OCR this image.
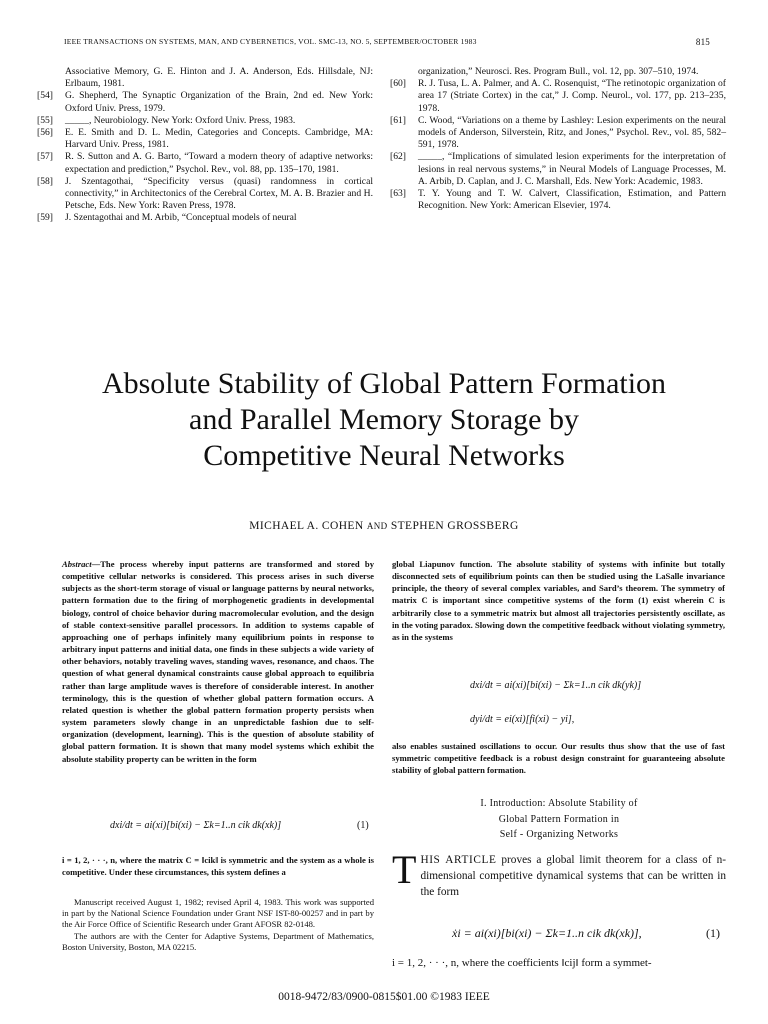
IEEE TRANSACTIONS ON SYSTEMS, MAN, AND CYBERNETICS, VOL. SMC-13, NO. 5, SEPTEMBER/OCTOBER 1983	815
Associative Memory, G. E. Hinton and J. A. Anderson, Eds. Hillsdale, NJ: Erlbaum, 1981.
[54] G. Shepherd, The Synaptic Organization of the Brain, 2nd ed. New York: Oxford Univ. Press, 1979.
[55] _____, Neurobiology. New York: Oxford Univ. Press, 1983.
[56] E. E. Smith and D. L. Medin, Categories and Concepts. Cambridge, MA: Harvard Univ. Press, 1981.
[57] R. S. Sutton and A. G. Barto, “Toward a modern theory of adaptive networks: expectation and prediction,” Psychol. Rev., vol. 88, pp. 135–170, 1981.
[58] J. Szentagothai, “Specificity versus (quasi) randomness in cortical connectivity,” in Architectonics of the Cerebral Cortex, M. A. B. Brazier and H. Petsche, Eds. New York: Raven Press, 1978.
[59] J. Szentagothai and M. Arbib, “Conceptual models of neural
organization,” Neurosci. Res. Program Bull., vol. 12, pp. 307–510, 1974.
[60] R. J. Tusa, L. A. Palmer, and A. C. Rosenquist, “The retinotopic organization of area 17 (Striate Cortex) in the cat,” J. Comp. Neurol., vol. 177, pp. 213–235, 1978.
[61] C. Wood, “Variations on a theme by Lashley: Lesion experiments on the neural models of Anderson, Silverstein, Ritz, and Jones,” Psychol. Rev., vol. 85, 582–591, 1978.
[62] _____, “Implications of simulated lesion experiments for the interpretation of lesions in real nervous systems,” in Neural Models of Language Processes, M. A. Arbib, D. Caplan, and J. C. Marshall, Eds. New York: Academic, 1983.
[63] T. Y. Young and T. W. Calvert, Classification, Estimation, and Pattern Recognition. New York: American Elsevier, 1974.
Absolute Stability of Global Pattern Formation
and Parallel Memory Storage by
Competitive Neural Networks
MICHAEL A. COHEN AND STEPHEN GROSSBERG
Abstract—The process whereby input patterns are transformed and stored by competitive cellular networks is considered. This process arises in such diverse subjects as the short-term storage of visual or language patterns by neural networks, pattern formation due to the firing of morphogenetic gradients in developmental biology, control of choice behavior during macromolecular evolution, and the design of stable context-sensitive parallel processors. In addition to systems capable of approaching one of perhaps infinitely many equilibrium points in response to arbitrary input patterns and initial data, one finds in these subjects a wide variety of other behaviors, notably traveling waves, standing waves, resonance, and chaos. The question of what general dynamical constraints cause global approach to equilibria rather than large amplitude waves is therefore of considerable interest. In another terminology, this is the question of whether global pattern formation occurs. A related question is whether the global pattern formation property persists when system parameters slowly change in an unpredictable fashion due to self-organization (development, learning). This is the question of absolute stability of global pattern formation. It is shown that many model systems which exhibit the absolute stability property can be written in the form
dxi/dt = ai(xi)[bi(xi) − Σk=1..n cik dk(xk)]	(1)
i = 1, 2, · · ·, n, where the matrix C = ‖cik‖ is symmetric and the system as a whole is competitive. Under these circumstances, this system defines a
global Liapunov function. The absolute stability of systems with infinite but totally disconnected sets of equilibrium points can then be studied using the LaSalle invariance principle, the theory of several complex variables, and Sard’s theorem. The symmetry of matrix C is important since competitive systems of the form (1) exist wherein C is arbitrarily close to a symmetric matrix but almost all trajectories persistently oscillate, as in the voting paradox. Slowing down the competitive feedback without violating symmetry, as in the systems
dxi/dt = ai(xi)[bi(xi) − Σk=1..n cik dk(yk)]
dyi/dt = ei(xi)[fi(xi) − yi],
also enables sustained oscillations to occur. Our results thus show that the use of fast symmetric competitive feedback is a robust design constraint for guaranteeing absolute stability of global pattern formation.

Manuscript received August 1, 1982; revised April 4, 1983. This work was supported in part by the National Science Foundation under Grant NSF IST-80-00257 and in part by the Air Force Office of Scientific Research under Grant AFOSR 82-0148.

The authors are with the Center for Adaptive Systems, Department of Mathematics, Boston University, Boston, MA 02215.

I. Introduction: Absolute Stability of
Global Pattern Formation in
Self - Organizing Networks
THIS ARTICLE proves a global limit theorem for a class of n-dimensional competitive dynamical systems that can be written in the form
ẋi = ai(xi)[bi(xi) − Σk=1..n cik dk(xk)],	(1)
i = 1, 2, · · ·, n, where the coefficients ‖cij‖ form a symmet-
0018-9472/83/0900-0815$01.00 ©1983 IEEE
